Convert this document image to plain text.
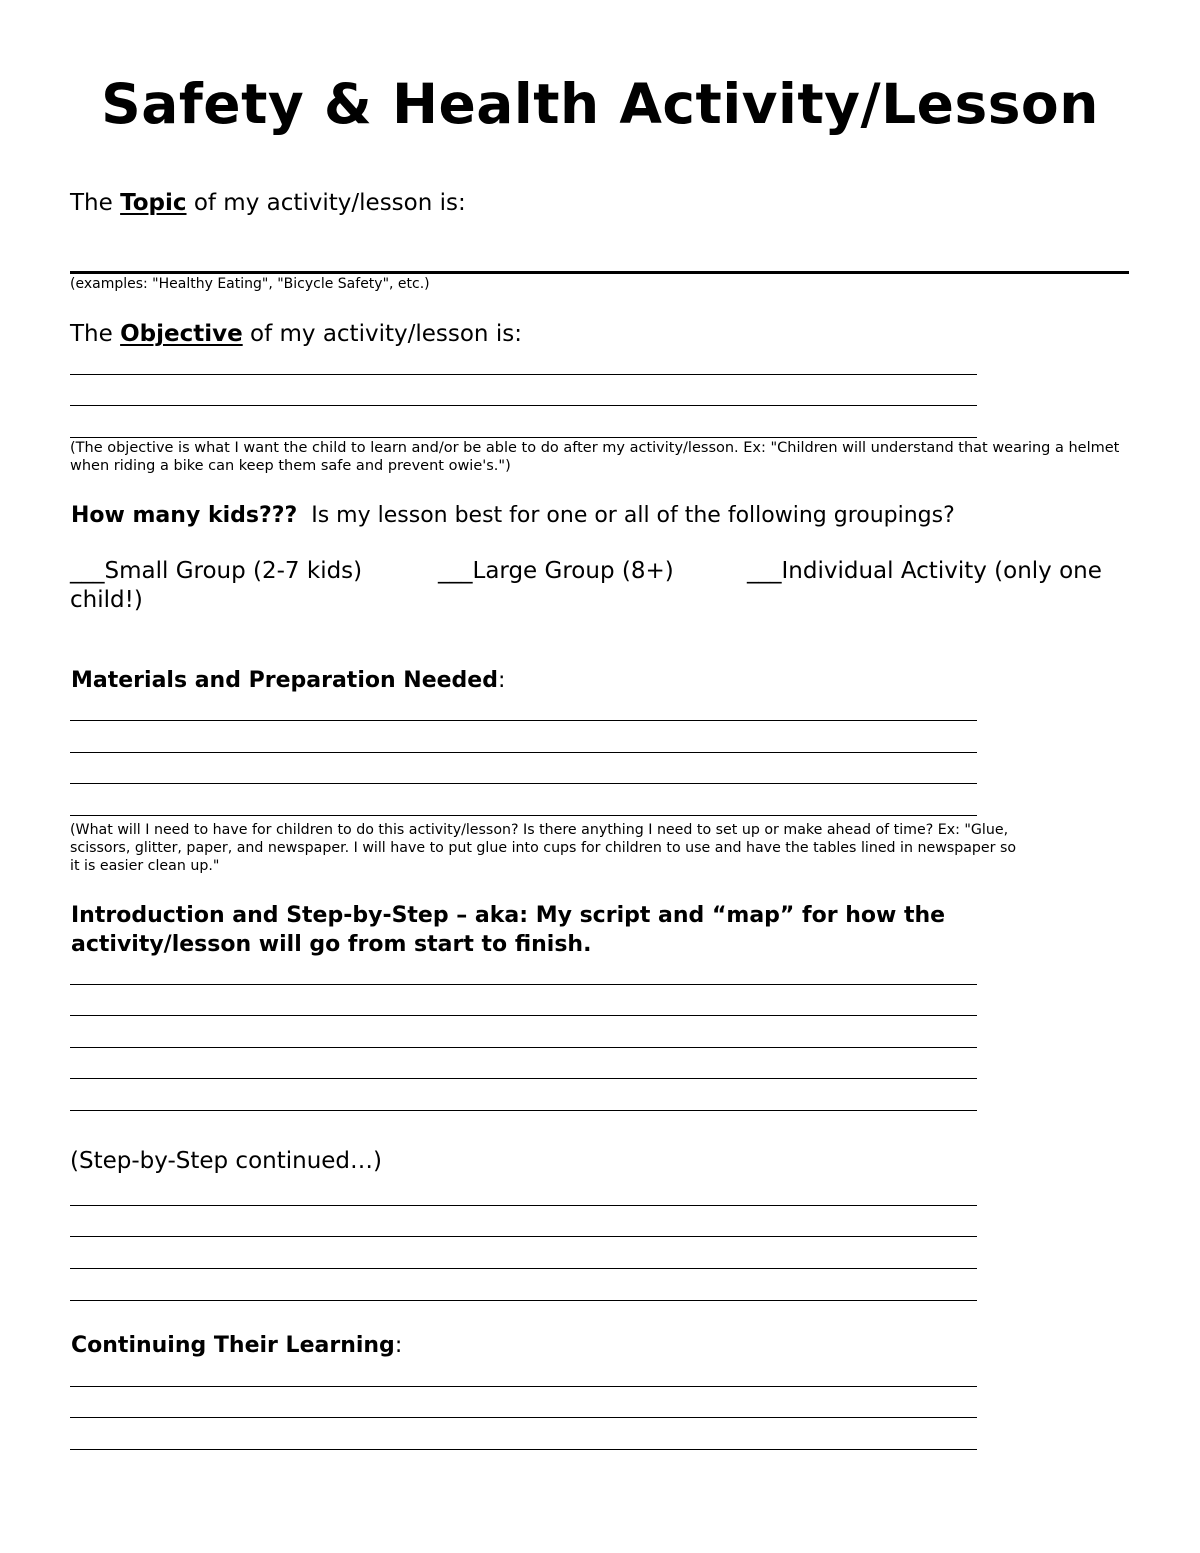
Safety & Health Activity/Lesson
The Topic of my activity/lesson is:
(examples: "Healthy Eating", "Bicycle Safety", etc.)
The Objective of my activity/lesson is:
(The objective is what I want the child to learn and/or be able to do after my activity/lesson. Ex: "Children will understand that wearing a helmet when riding a bike can keep them safe and prevent owie's.")
How many kids???  Is my lesson best for one or all of the following groupings?
___Small Group (2-7 kids)	___Large Group (8+)	___Individual Activity (only one
child!)
Materials and Preparation Needed:
(What will I need to have for children to do this activity/lesson? Is there anything I need to set up or make ahead of time? Ex: "Glue,
scissors, glitter, paper, and newspaper. I will have to put glue into cups for children to use and have the tables lined in newspaper so
it is easier clean up."
Introduction and Step-by-Step – aka: My script and “map” for how the
activity/lesson will go from start to finish.
(Step-by-Step continued…)
Continuing Their Learning:
